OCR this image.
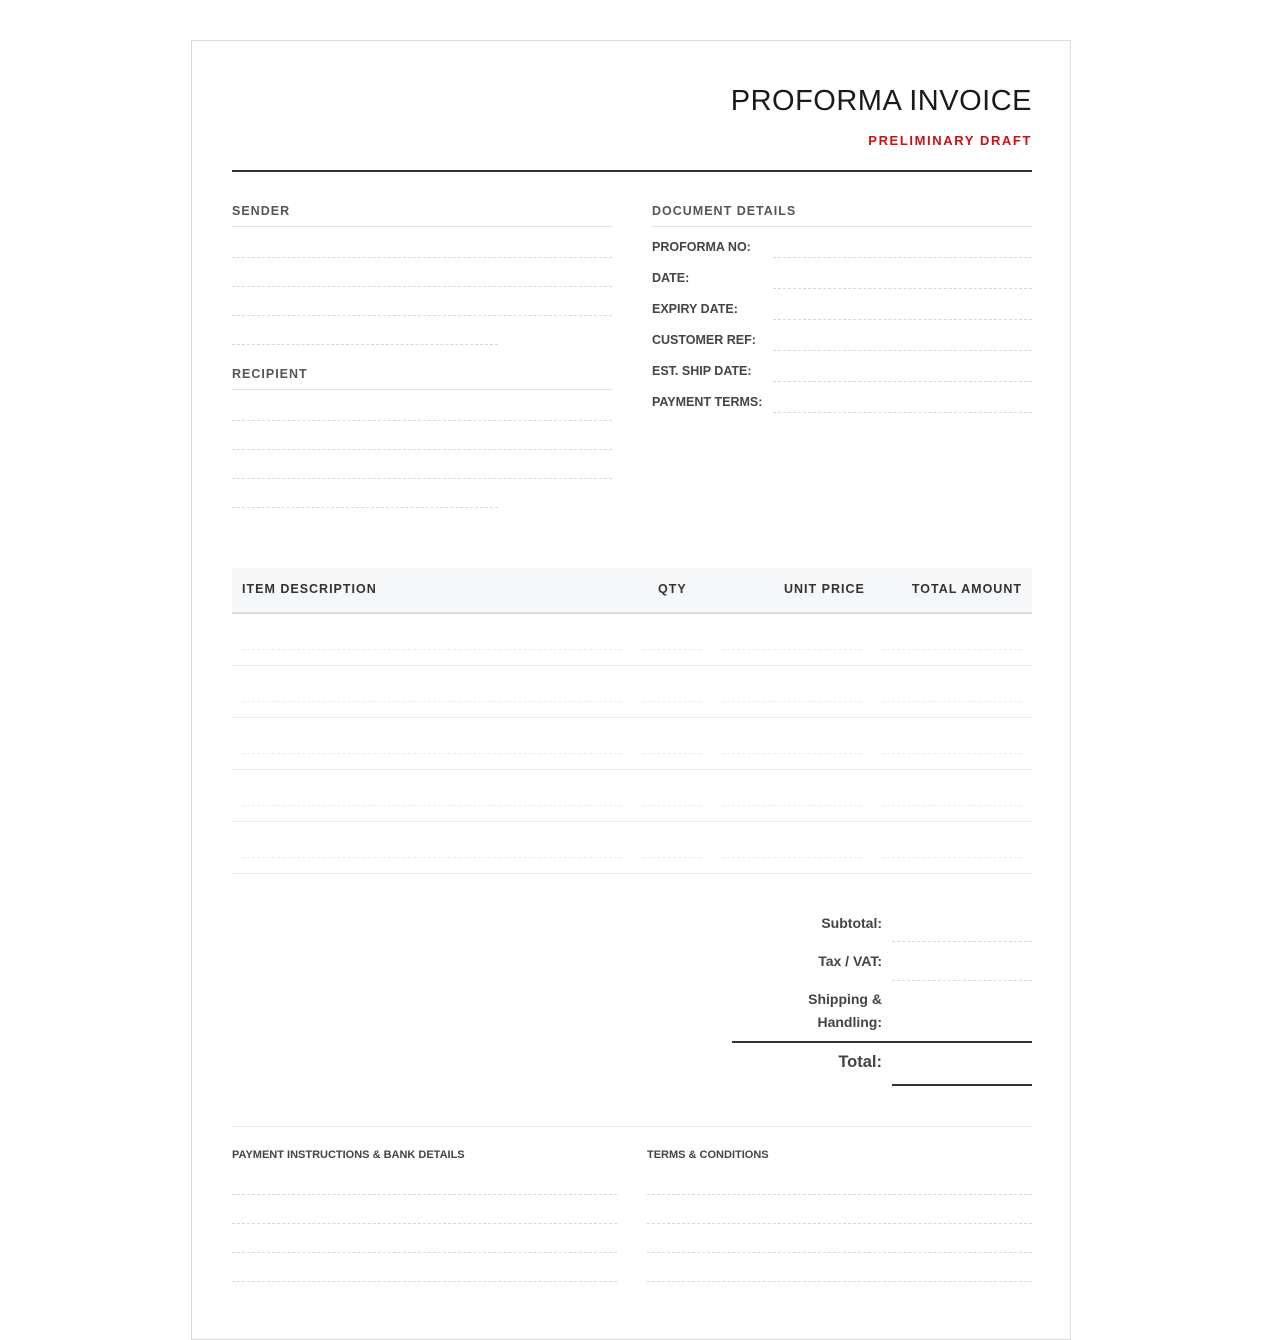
PROFORMA INVOICE
PRELIMINARY DRAFT
SENDER
RECIPIENT
DOCUMENT DETAILS
PROFORMA NO:
DATE:
EXPIRY DATE:
CUSTOMER REF:
EST. SHIP DATE:
PAYMENT TERMS:
ITEM DESCRIPTION	QTY	UNIT PRICE	TOTAL AMOUNT
Subtotal:
Tax / VAT:
Shipping & Handling:
Total:
PAYMENT INSTRUCTIONS & BANK DETAILS	TERMS & CONDITIONS
